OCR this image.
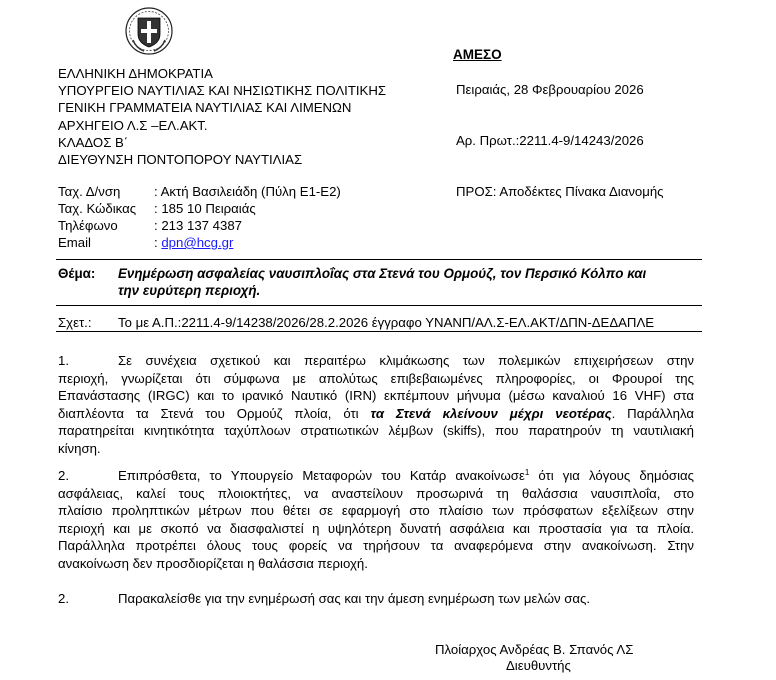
ΑΜΕΣΟ
ΕΛΛΗΝΙΚΗ ΔΗΜΟΚΡΑΤΙΑ
ΥΠΟΥΡΓΕΙΟ ΝΑΥΤΙΛΙΑΣ ΚΑΙ ΝΗΣΙΩΤΙΚΗΣ ΠΟΛΙΤΙΚΗΣ
ΓΕΝΙΚΗ ΓΡΑΜΜΑΤΕΙΑ ΝΑΥΤΙΛΙΑΣ ΚΑΙ ΛΙΜΕΝΩΝ
ΑΡΧΗΓΕΙΟ Λ.Σ –ΕΛ.ΑΚΤ.
ΚΛΑΔΟΣ Β΄
ΔΙΕΥΘΥΝΣΗ ΠΟΝΤΟΠΟΡΟΥ ΝΑΥΤΙΛΙΑΣ
Πειραιάς, 28 Φεβρουαρίου 2026
Αρ. Πρωτ.:2211.4-9/14243/2026
ΠΡΟΣ: Αποδέκτες Πίνακα Διανομής
Ταχ. Δ/νση	: Ακτή Βασιλειάδη (Πύλη Ε1-Ε2)
Ταχ. Κώδικας	: 185 10 Πειραιάς
Τηλέφωνο	: 213 137 4387
Email	: dpn@hcg.gr
Θέμα: Ενημέρωση ασφαλείας ναυσιπλοΐας στα Στενά του Ορμούζ, τον Περσικό Κόλπο και
την ευρύτερη περιοχή.
Σχετ.: Το με Α.Π.:2211.4-9/14238/2026/28.2.2026 έγγραφο ΥΝΑΝΠ/ΑΛ.Σ-ΕΛ.ΑΚΤ/ΔΠΝ-ΔΕΔΑΠΛΕ
1.	Σε συνέχεια σχετικού και περαιτέρω κλιμάκωσης των πολεμικών επιχειρήσεων στην
περιοχή, γνωρίζεται ότι σύμφωνα με απολύτως επιβεβαιωμένες πληροφορίες, οι Φρουροί της
Επανάστασης (IRGC) και το ιρανικό Ναυτικό (IRN) εκπέμπουν μήνυμα (μέσω καναλιού 16 VHF) στα
διαπλέοντα τα Στενά του Ορμούζ πλοία, ότι τα Στενά κλείνουν μέχρι νεοτέρας. Παράλληλα
παρατηρείται κινητικότητα ταχύπλοων στρατιωτικών λέμβων (skiffs), που παρατηρούν τη ναυτιλιακή
κίνηση.
2.	Επιπρόσθετα, το Υπουργείο Μεταφορών του Κατάρ ανακοίνωσε$^1$ ότι για λόγους δημόσιας
ασφάλειας, καλεί τους πλοιοκτήτες, να αναστείλουν προσωρινά τη θαλάσσια ναυσιπλοΐα, στο
πλαίσιο προληπτικών μέτρων που θέτει σε εφαρμογή στο πλαίσιο των πρόσφατων εξελίξεων στην
περιοχή και με σκοπό να διασφαλιστεί η υψηλότερη δυνατή ασφάλεια και προστασία για τα πλοία.
Παράλληλα προτρέπει όλους τους φορείς να τηρήσουν τα αναφερόμενα στην ανακοίνωση. Στην
ανακοίνωση δεν προσδιορίζεται η θαλάσσια περιοχή.
2.	Παρακαλείσθε για την ενημέρωσή σας και την άμεση ενημέρωση των μελών σας.
Πλοίαρχος Ανδρέας Β. Σπανός ΛΣ
Διευθυντής
